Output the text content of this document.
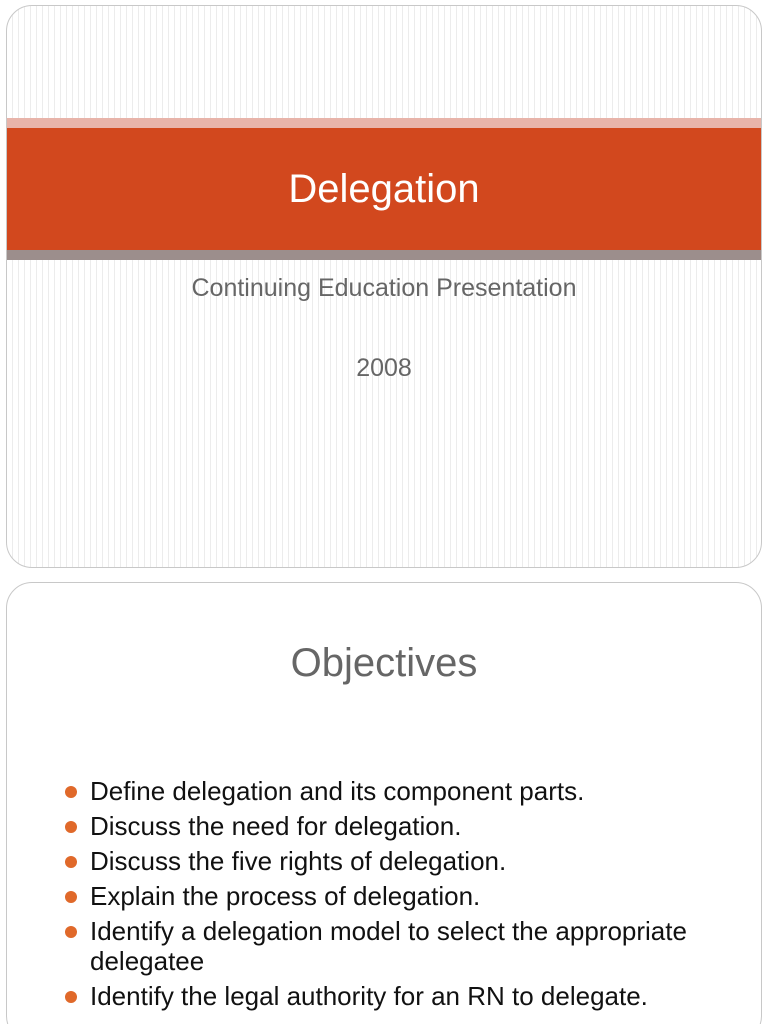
Delegation
Continuing Education Presentation
2008
Objectives
Define delegation and its component parts.
Discuss the need for delegation.
Discuss the five rights of delegation.
Explain the process of delegation.
Identify a delegation model to select the appropriate delegatee
Identify the legal authority for an RN to delegate.
